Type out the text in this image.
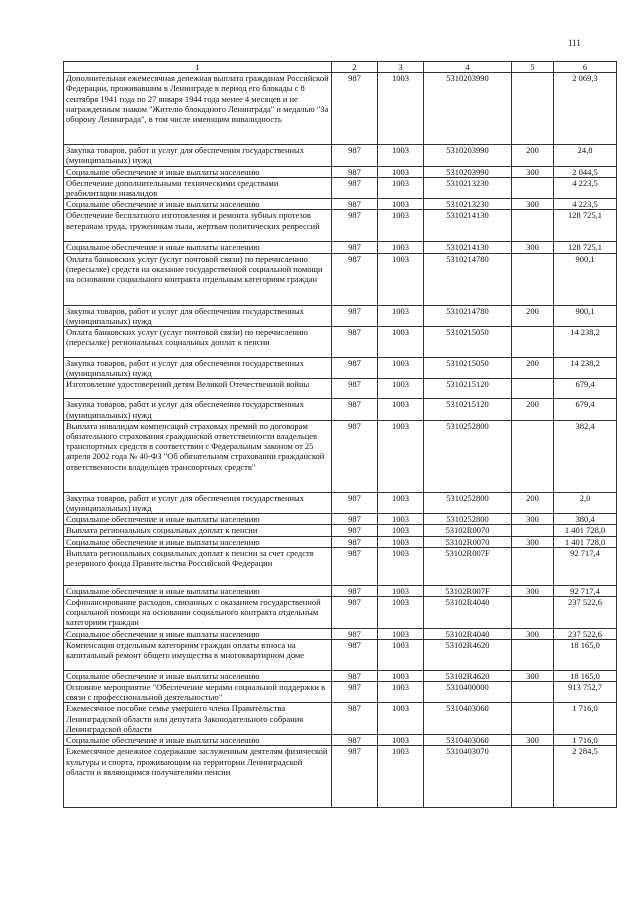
111
1	2	3	4	5	6
Дополнительная ежемесячная денежная выплата гражданам Российской Федерации, проживавшим в Ленинграде в период его блокады с 8 сентября 1941 года по 27 января 1944 года менее 4 месяцев и не награжденным знаком "Жителю блокадного Ленинграда" и медалью "За оборону Ленинграда", в том числе имеющим инвалидность	987	1003	5310203990		2 069,3
Закупка товаров, работ и услуг для обеспечения государственных (муниципальных) нужд	987	1003	5310203990	200	24,8
Социальное обеспечение и иные выплаты населению	987	1003	5310203990	300	2 044,5
Обеспечение дополнительными техническими средствами реабилитации инвалидов	987	1003	5310213230		4 223,5
Социальное обеспечение и иные выплаты населению	987	1003	5310213230	300	4 223,5
Обеспечение бесплатного изготовления и ремонта зубных протезов ветеранам труда, труженикам тыла, жертвам политических репрессий	987	1003	5310214130		128 725,1
Социальное обеспечение и иные выплаты населению	987	1003	5310214130	300	128 725,1
Оплата банковских услуг (услуг почтовой связи) по перечислению (пересылке) средств на оказание государственной социальной помощи на основании социального контракта отдельным категориям граждан	987	1003	5310214780		900,1
Закупка товаров, работ и услуг для обеспечения государственных (муниципальных) нужд	987	1003	5310214780	200	900,1
Оплата банковских услуг (услуг почтовой связи) по перечислению (пересылке) региональных социальных доплат к пенсии	987	1003	5310215050		14 238,2
Закупка товаров, работ и услуг для обеспечения государственных (муниципальных) нужд	987	1003	5310215050	200	14 238,2
Изготовление удостоверений детям Великой Отечественной войны	987	1003	5310215120		679,4
Закупка товаров, работ и услуг для обеспечения государственных (муниципальных) нужд	987	1003	5310215120	200	679,4
Выплата инвалидам компенсаций страховых премий по договорам обязательного страхования гражданской ответственности владельцев транспортных средств в соответствии с Федеральным законом от 25 апреля 2002 года № 40-ФЗ "Об обязательном страховании гражданской ответственности владельцев транспортных средств"	987	1003	5310252800		382,4
Закупка товаров, работ и услуг для обеспечения государственных (муниципальных) нужд	987	1003	5310252800	200	2,0
Социальное обеспечение и иные выплаты населению	987	1003	5310252800	300	380,4
Выплата региональных социальных доплат к пенсии	987	1003	53102R0070		1 401 728,0
Социальное обеспечение и иные выплаты населению	987	1003	53102R0070	300	1 401 728,0
Выплата региональных социальных доплат к пенсии за счет средств резервного фонда Правительства Российской Федерации	987	1003	53102R007F		92 717,4
Социальное обеспечение и иные выплаты населению	987	1003	53102R007F	300	92 717,4
Софинансирование расходов, связанных с оказанием государственной социальной помощи на основании социального контракта отдельным категориям граждан	987	1003	53102R4040		237 522,6
Социальное обеспечение и иные выплаты населению	987	1003	53102R4040	300	237 522,6
Компенсация отдельным категориям граждан оплаты взноса на капитальный ремонт общего имущества в многоквартирном доме	987	1003	53102R4620		18 165,0
Социальное обеспечение и иные выплаты населению	987	1003	53102R4620	300	18 165,0
Основное мероприятие "Обеспечение мерами социальной поддержки в связи с профессиональной деятельностью"	987	1003	5310400000		913 752,7
Ежемесячное пособие семье умершего члена Правительства Ленинградской области или депутата Законодательного собрания Ленинградской области	987	1003	5310403060		1 716,0
Социальное обеспечение и иные выплаты населению	987	1003	5310403060	300	1 716,0
Ежемесячное денежное содержание заслуженным деятелям физической культуры и спорта, проживающим на территории Ленинградской области и являющимся получателями пенсии	987	1003	5310403070		2 284,5
